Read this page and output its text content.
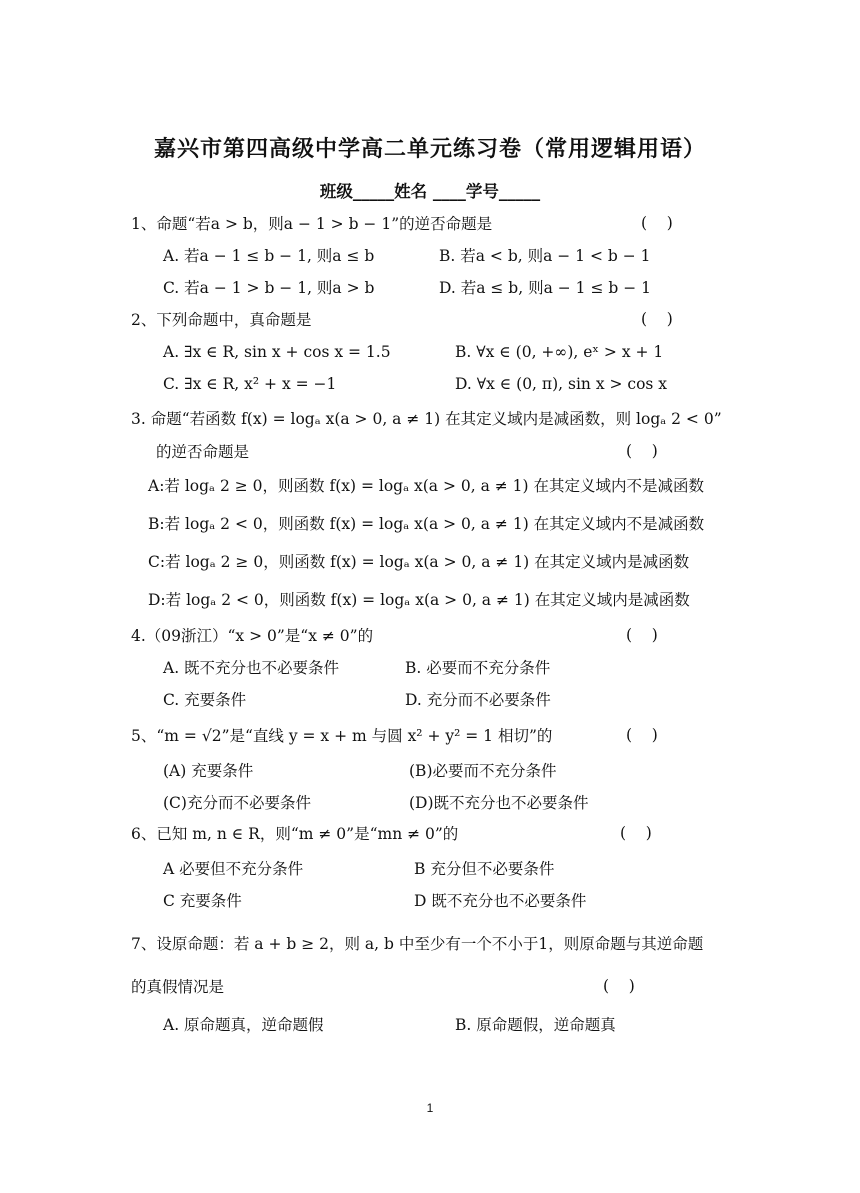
嘉兴市第四高级中学高二单元练习卷（常用逻辑用语）
班级_____姓名 ____学号_____
1、命题“若a > b，则a − 1 > b − 1”的逆否命题是	(    )
A. 若a − 1 ≤ b − 1, 则a ≤ b	B. 若a < b, 则a − 1 < b − 1
C. 若a − 1 > b − 1, 则a > b	D. 若a ≤ b, 则a − 1 ≤ b − 1
2、下列命题中，真命题是	(    )
A. ∃x ∈ R, sin x + cos x = 1.5	B. ∀x ∈ (0, +∞), eˣ > x + 1
C. ∃x ∈ R, x² + x = −1	D. ∀x ∈ (0, π), sin x > cos x
3. 命题“若函数 f(x) = logₐ x(a > 0, a ≠ 1) 在其定义域内是减函数，则 logₐ 2 < 0”
的逆否命题是	(    )
A:若 logₐ 2 ≥ 0，则函数 f(x) = logₐ x(a > 0, a ≠ 1) 在其定义域内不是减函数
B:若 logₐ 2 < 0，则函数 f(x) = logₐ x(a > 0, a ≠ 1) 在其定义域内不是减函数
C:若 logₐ 2 ≥ 0，则函数 f(x) = logₐ x(a > 0, a ≠ 1) 在其定义域内是减函数
D:若 logₐ 2 < 0，则函数 f(x) = logₐ x(a > 0, a ≠ 1) 在其定义域内是减函数
4.（09浙江）“x > 0”是“x ≠ 0”的	(    )
A. 既不充分也不必要条件	B. 必要而不充分条件
C. 充要条件	D. 充分而不必要条件
5、“m = √2”是“直线 y = x + m 与圆 x² + y² = 1 相切”的	(    )
(A) 充要条件	(B)必要而不充分条件
(C)充分而不必要条件	(D)既不充分也不必要条件
6、已知 m, n ∈ R，则“m ≠ 0”是“mn ≠ 0”的	(    )
A 必要但不充分条件	B 充分但不必要条件
C 充要条件	D 既不充分也不必要条件
7、设原命题：若 a + b ≥ 2，则 a, b 中至少有一个不小于1，则原命题与其逆命题
的真假情况是	(    )
A. 原命题真，逆命题假	B. 原命题假，逆命题真
1
